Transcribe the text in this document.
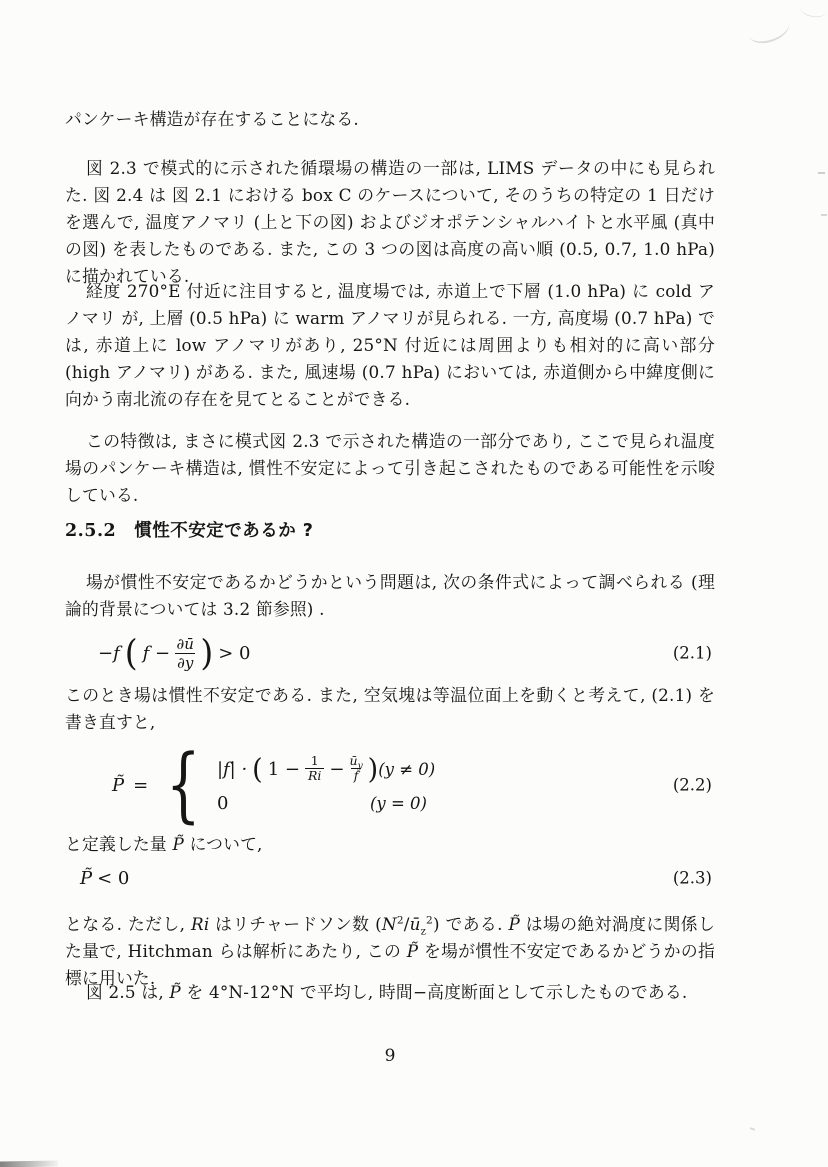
パンケーキ構造が存在することになる.

図 2.3 で模式的に示された循環場の構造の一部は, LIMS データの中にも見られた. 図 2.4 は 図 2.1 における box C のケースについて, そのうちの特定の 1 日だけを選んで, 温度アノマリ (上と下の図) およびジオポテンシャルハイトと水平風 (真中の図) を表したものである. また, この 3 つの図は高度の高い順 (0.5, 0.7, 1.0 hPa) に描かれている.

経度 270°E 付近に注目すると, 温度場では, 赤道上で下層 (1.0 hPa) に cold アノマリ が, 上層 (0.5 hPa) に warm アノマリが見られる. 一方, 高度場 (0.7 hPa) では, 赤道上に low アノマリがあり, 25°N 付近には周囲よりも相対的に高い部分 (high アノマリ) がある. また, 風速場 (0.7 hPa) においては, 赤道側から中緯度側に向かう南北流の存在を見てとることができる.

この特徴は, まさに模式図 2.3 で示された構造の一部分であり, ここで見られ温度場のパンケーキ構造は, 慣性不安定によって引き起こされたものである可能性を示唆している.

2.5.2 慣性不安定であるか ?

場が慣性不安定であるかどうかという問題は, 次の条件式によって調べられる (理論的背景については 3.2 節参照) .

−f ( $f - \frac{\partial ū}{\partial y}$ ) > 0	(2.1)

このとき場は慣性不安定である. また, 空気塊は等温位面上を動くと考えて, (2.1) を書き直すと,

P̃ = { |f| · ( $1 - \frac{1}{Ri} - \frac{ū_y}{f}$ ) (y ≠ 0)
0	(y = 0)
(2.2)

と定義した量 P̃ について,

P̃ < 0	(2.3)

となる. ただし, Ri はリチャードソン数 $(N^2/ū_z^2)$ である. P̃ は場の絶対渦度に関係した量で, Hitchman らは解析にあたり, この P̃ を場が慣性不安定であるかどうかの指標に用いた.

図 2.5 は, P̃ を 4°N-12°N で平均し, 時間−高度断面として示したものである.

9
